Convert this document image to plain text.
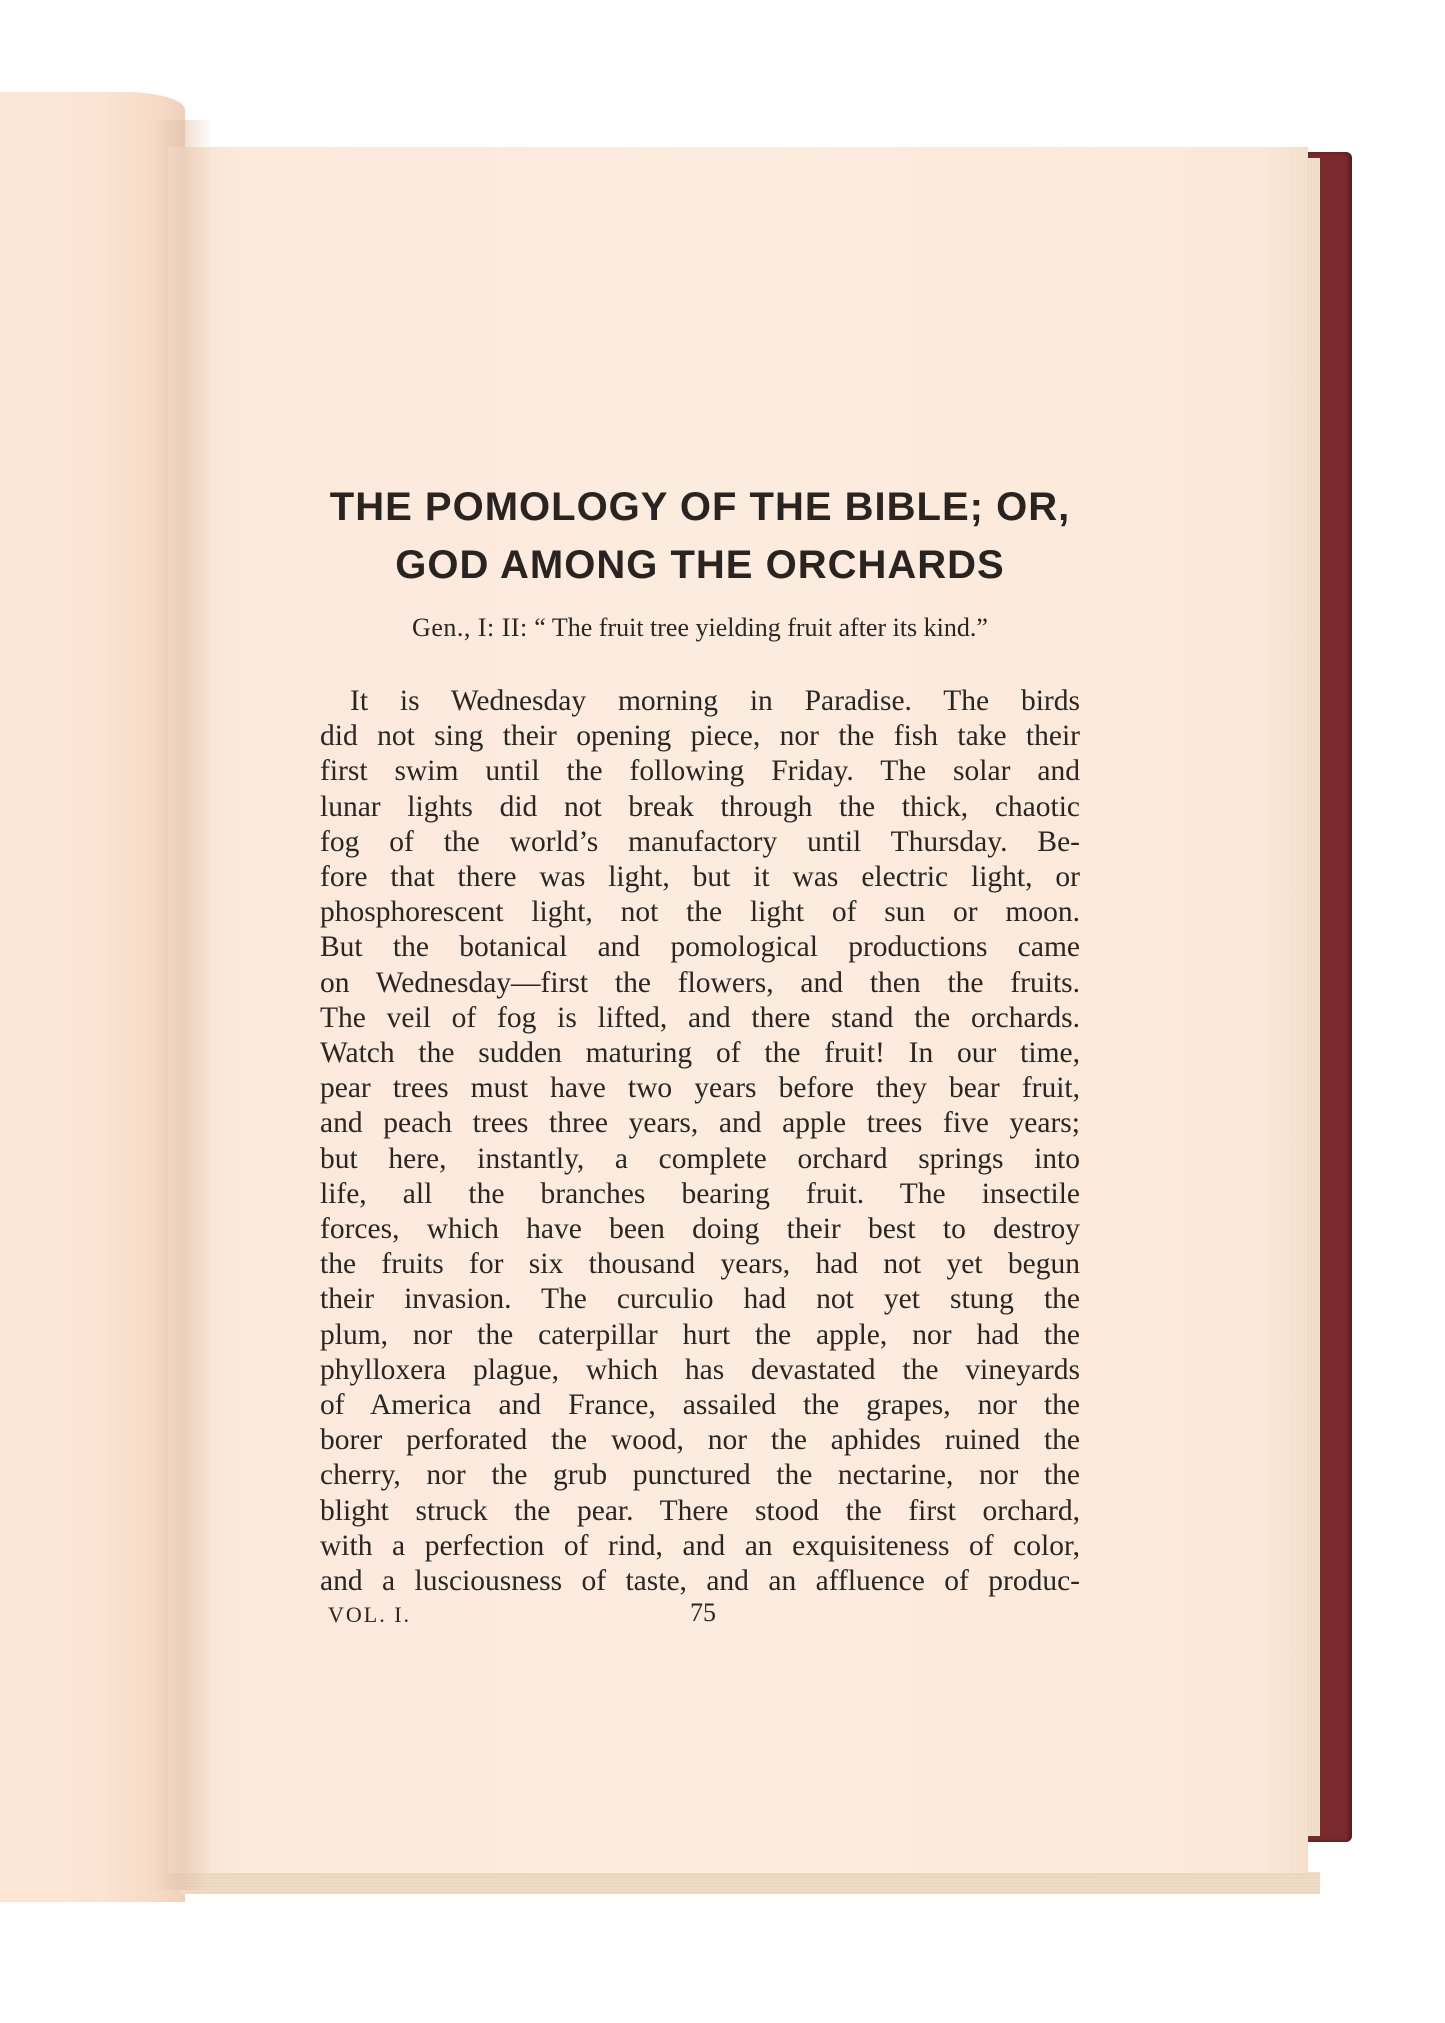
THE POMOLOGY OF THE BIBLE; OR,
GOD AMONG THE ORCHARDS
Gen., I: II: “ The fruit tree yielding fruit after its kind.”
It is Wednesday morning in Paradise. The birds
did not sing their opening piece, nor the fish take their
first swim until the following Friday. The solar and
lunar lights did not break through the thick, chaotic
fog of the world’s manufactory until Thursday. Be-
fore that there was light, but it was electric light, or
phosphorescent light, not the light of sun or moon.
But the botanical and pomological productions came
on Wednesday—first the flowers, and then the fruits.
The veil of fog is lifted, and there stand the orchards.
Watch the sudden maturing of the fruit! In our time,
pear trees must have two years before they bear fruit,
and peach trees three years, and apple trees five years;
but here, instantly, a complete orchard springs into
life, all the branches bearing fruit. The insectile
forces, which have been doing their best to destroy
the fruits for six thousand years, had not yet begun
their invasion. The curculio had not yet stung the
plum, nor the caterpillar hurt the apple, nor had the
phylloxera plague, which has devastated the vineyards
of America and France, assailed the grapes, nor the
borer perforated the wood, nor the aphides ruined the
cherry, nor the grub punctured the nectarine, nor the
blight struck the pear. There stood the first orchard,
with a perfection of rind, and an exquisiteness of color,
and a lusciousness of taste, and an affluence of produc-
VOL. I.	75
